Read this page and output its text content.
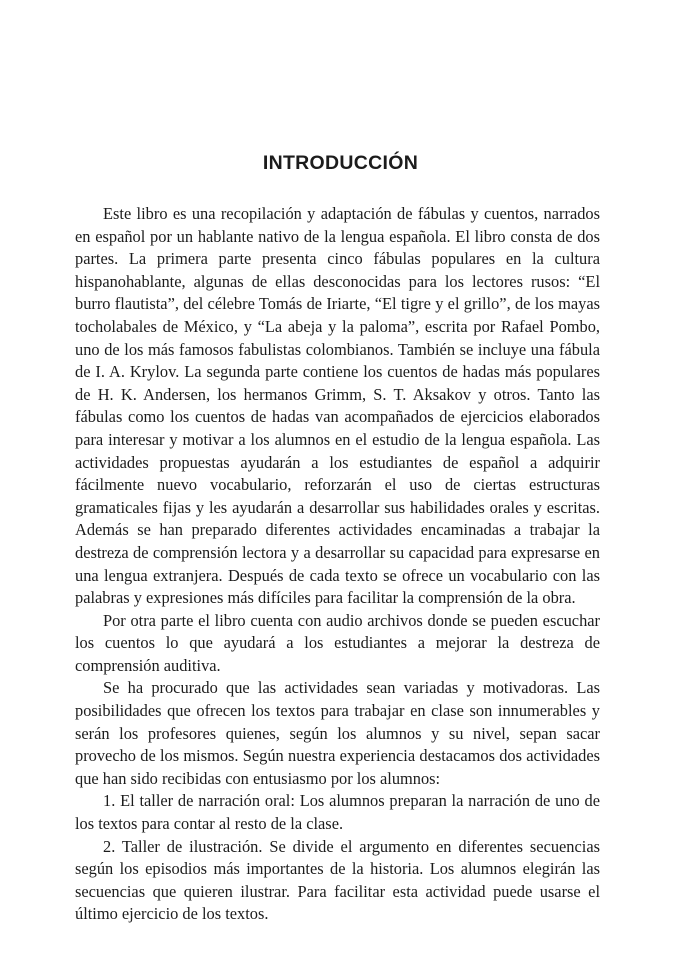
INTRODUCCIÓN

Este libro es una recopilación y adaptación de fábulas y cuentos, narrados en español por un hablante nativo de la lengua española. El libro consta de dos partes. La primera parte presenta cinco fábulas populares en la cultura hispanohablante, algunas de ellas desconocidas para los lectores rusos: “El burro flautista”, del célebre Tomás de Iriarte, “El tigre y el grillo”, de los mayas tocholabales de México, y “La abeja y la paloma”, escrita por Rafael Pombo, uno de los más famosos fabulistas colombianos. También se incluye una fábula de I. A. Krylov. La segunda parte contiene los cuentos de hadas más populares de H. K. Andersen, los hermanos Grimm, S. T. Aksakov y otros. Tanto las fábulas como los cuentos de hadas van acompañados de ejercicios elaborados para interesar y motivar a los alumnos en el estudio de la lengua española. Las actividades propuestas ayudarán a los estudiantes de español a adquirir fácilmente nuevo vocabulario, reforzarán el uso de ciertas estructuras gramaticales fijas y les ayudarán a desarrollar sus habilidades orales y escritas. Además se han preparado diferentes actividades encaminadas a trabajar la destreza de comprensión lectora y a desarrollar su capacidad para expresarse en una lengua extranjera. Después de cada texto se ofrece un vocabulario con las palabras y expresiones más difíciles para facilitar la comprensión de la obra.

Por otra parte el libro cuenta con audio archivos donde se pueden escuchar los cuentos lo que ayudará a los estudiantes a mejorar la destreza de comprensión auditiva.

Se ha procurado que las actividades sean variadas y motivadoras. Las posibilidades que ofrecen los textos para trabajar en clase son innumerables y serán los profesores quienes, según los alumnos y su nivel, sepan sacar provecho de los mismos. Según nuestra experiencia destacamos dos actividades que han sido recibidas con entusiasmo por los alumnos:

1. El taller de narración oral: Los alumnos preparan la narración de uno de los textos para contar al resto de la clase.

2. Taller de ilustración. Se divide el argumento en diferentes secuencias según los episodios más importantes de la historia. Los alumnos elegirán las secuencias que quieren ilustrar. Para facilitar esta actividad puede usarse el último ejercicio de los textos.
